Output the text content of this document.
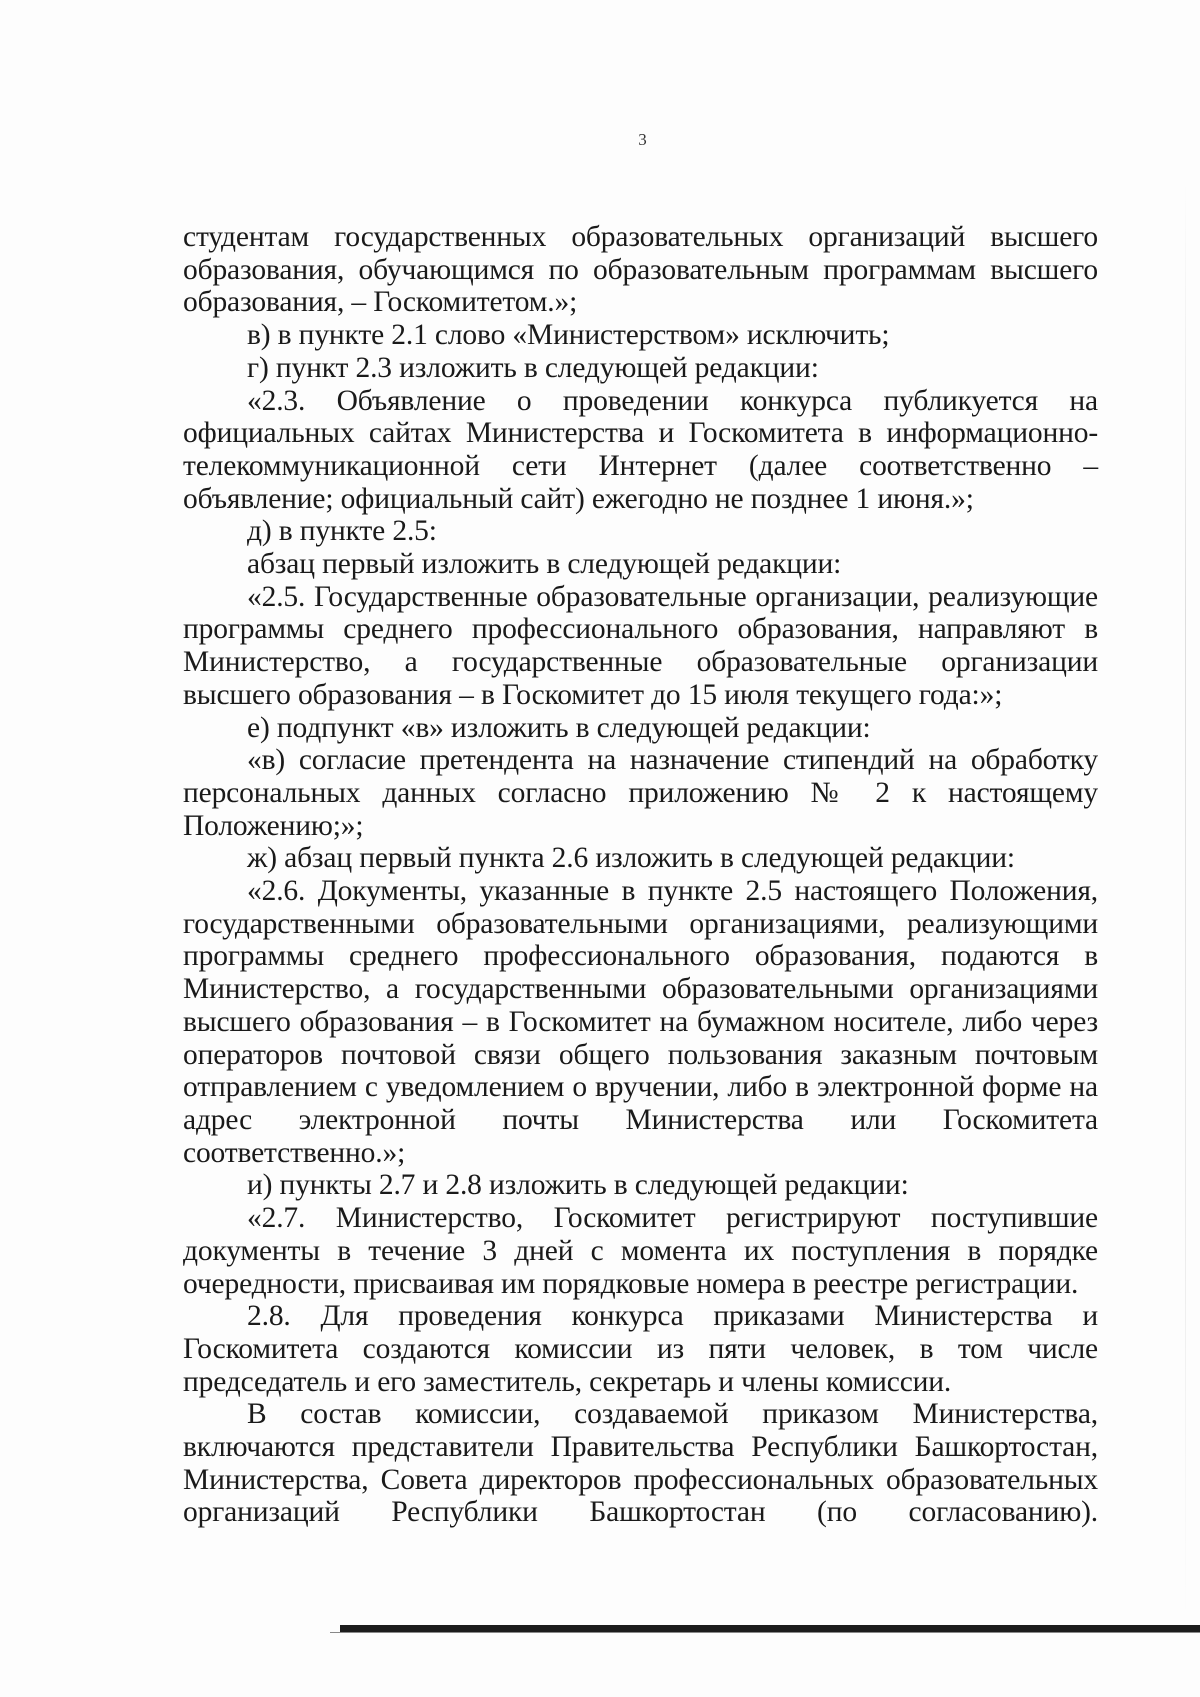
3

студентам государственных образовательных организаций высшего образования, обучающимся по образовательным программам высшего образования, – Госкомитетом.»;

в) в пункте 2.1 слово «Министерством» исключить;

г) пункт 2.3 изложить в следующей редакции:

«2.3. Объявление о проведении конкурса публикуется на официальных сайтах Министерства и Госкомитета в информационно-телекоммуникационной сети Интернет (далее соответственно – объявление; официальный сайт) ежегодно не позднее 1 июня.»;

д) в пункте 2.5:

абзац первый изложить в следующей редакции:

«2.5. Государственные образовательные организации, реализующие программы среднего профессионального образования, направляют в Министерство, а государственные образовательные организации высшего образования – в Госкомитет до 15 июля текущего года:»;

е) подпункт «в» изложить в следующей редакции:

«в) согласие претендента на назначение стипендий на обработку персональных данных согласно приложению № 2 к настоящему Положению;»;

ж) абзац первый пункта 2.6 изложить в следующей редакции:

«2.6. Документы, указанные в пункте 2.5 настоящего Положения, государственными образовательными организациями, реализующими программы среднего профессионального образования, подаются в Министерство, а государственными образовательными организациями высшего образования – в Госкомитет на бумажном носителе, либо через операторов почтовой связи общего пользования заказным почтовым отправлением с уведомлением о вручении, либо в электронной форме на адрес электронной почты Министерства или Госкомитета соответственно.»;

и) пункты 2.7 и 2.8 изложить в следующей редакции:

«2.7. Министерство, Госкомитет регистрируют поступившие документы в течение 3 дней с момента их поступления в порядке очередности, присваивая им порядковые номера в реестре регистрации.

2.8. Для проведения конкурса приказами Министерства и Госкомитета создаются комиссии из пяти человек, в том числе председатель и его заместитель, секретарь и члены комиссии.

В состав комиссии, создаваемой приказом Министерства, включаются представители Правительства Республики Башкортостан, Министерства, Совета директоров профессиональных образовательных организаций Республики Башкортостан (по согласованию).
